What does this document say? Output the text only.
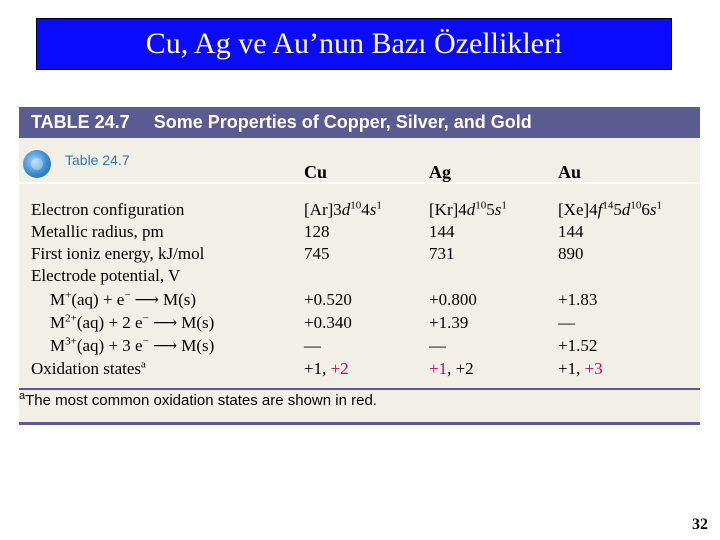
Cu, Ag ve Au’nun Bazı Özellikleri
TABLE 24.7 Some Properties of Copper, Silver, and Gold
Table 24.7
Cu	Ag	Au
Electron configuration	$[Ar]3d^{10}4s^1$	$[Kr]4d^{10}5s^1$	$[Xe]4f^{14}5d^{10}6s^1$
Metallic radius, pm	128	144	144
First ioniz energy, kJ/mol	745	731	890
Electrode potential, V
M+(aq) + e− ⟶ M(s)	+0.520	+0.800	+1.83
$M^{2+}(aq) + 2$ e− ⟶ M(s)	+0.340	+1.39	—
$M^{3+}(aq) + 3$ e− ⟶ M(s)	—	—	+1.52
Oxidation states$^a$	+1, +2	+1, +2	+1, +3
$^a$The most common oxidation states are shown in red.
32
